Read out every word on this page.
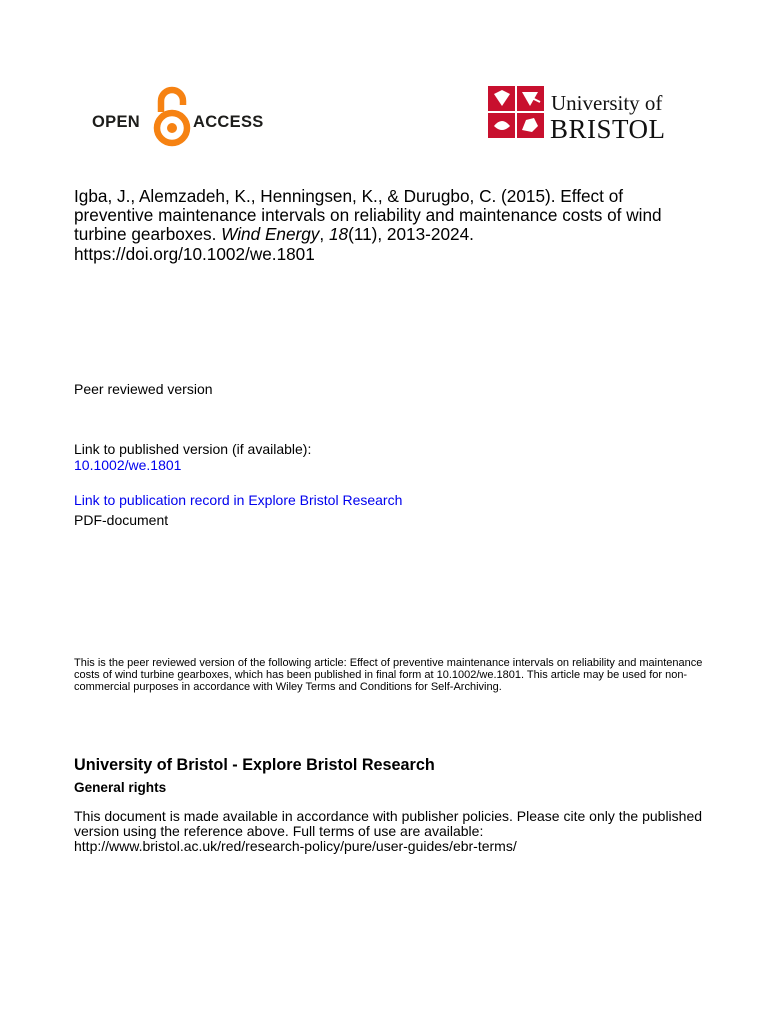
OPEN	ACCESS
University of
BRISTOL
Igba, J., Alemzadeh, K., Henningsen, K., & Durugbo, C. (2015). Effect of preventive maintenance intervals on reliability and maintenance costs of wind turbine gearboxes. Wind Energy, 18(11), 2013-2024.
https://doi.org/10.1002/we.1801
Peer reviewed version
Link to published version (if available):
10.1002/we.1801
Link to publication record in Explore Bristol Research
PDF-document
This is the peer reviewed version of the following article: Effect of preventive maintenance intervals on reliability and maintenance costs of wind turbine gearboxes, which has been published in final form at 10.1002/we.1801. This article may be used for non-commercial purposes in accordance with Wiley Terms and Conditions for Self-Archiving.
University of Bristol - Explore Bristol Research
General rights
This document is made available in accordance with publisher policies. Please cite only the published version using the reference above. Full terms of use are available: http://www.bristol.ac.uk/red/research-policy/pure/user-guides/ebr-terms/
